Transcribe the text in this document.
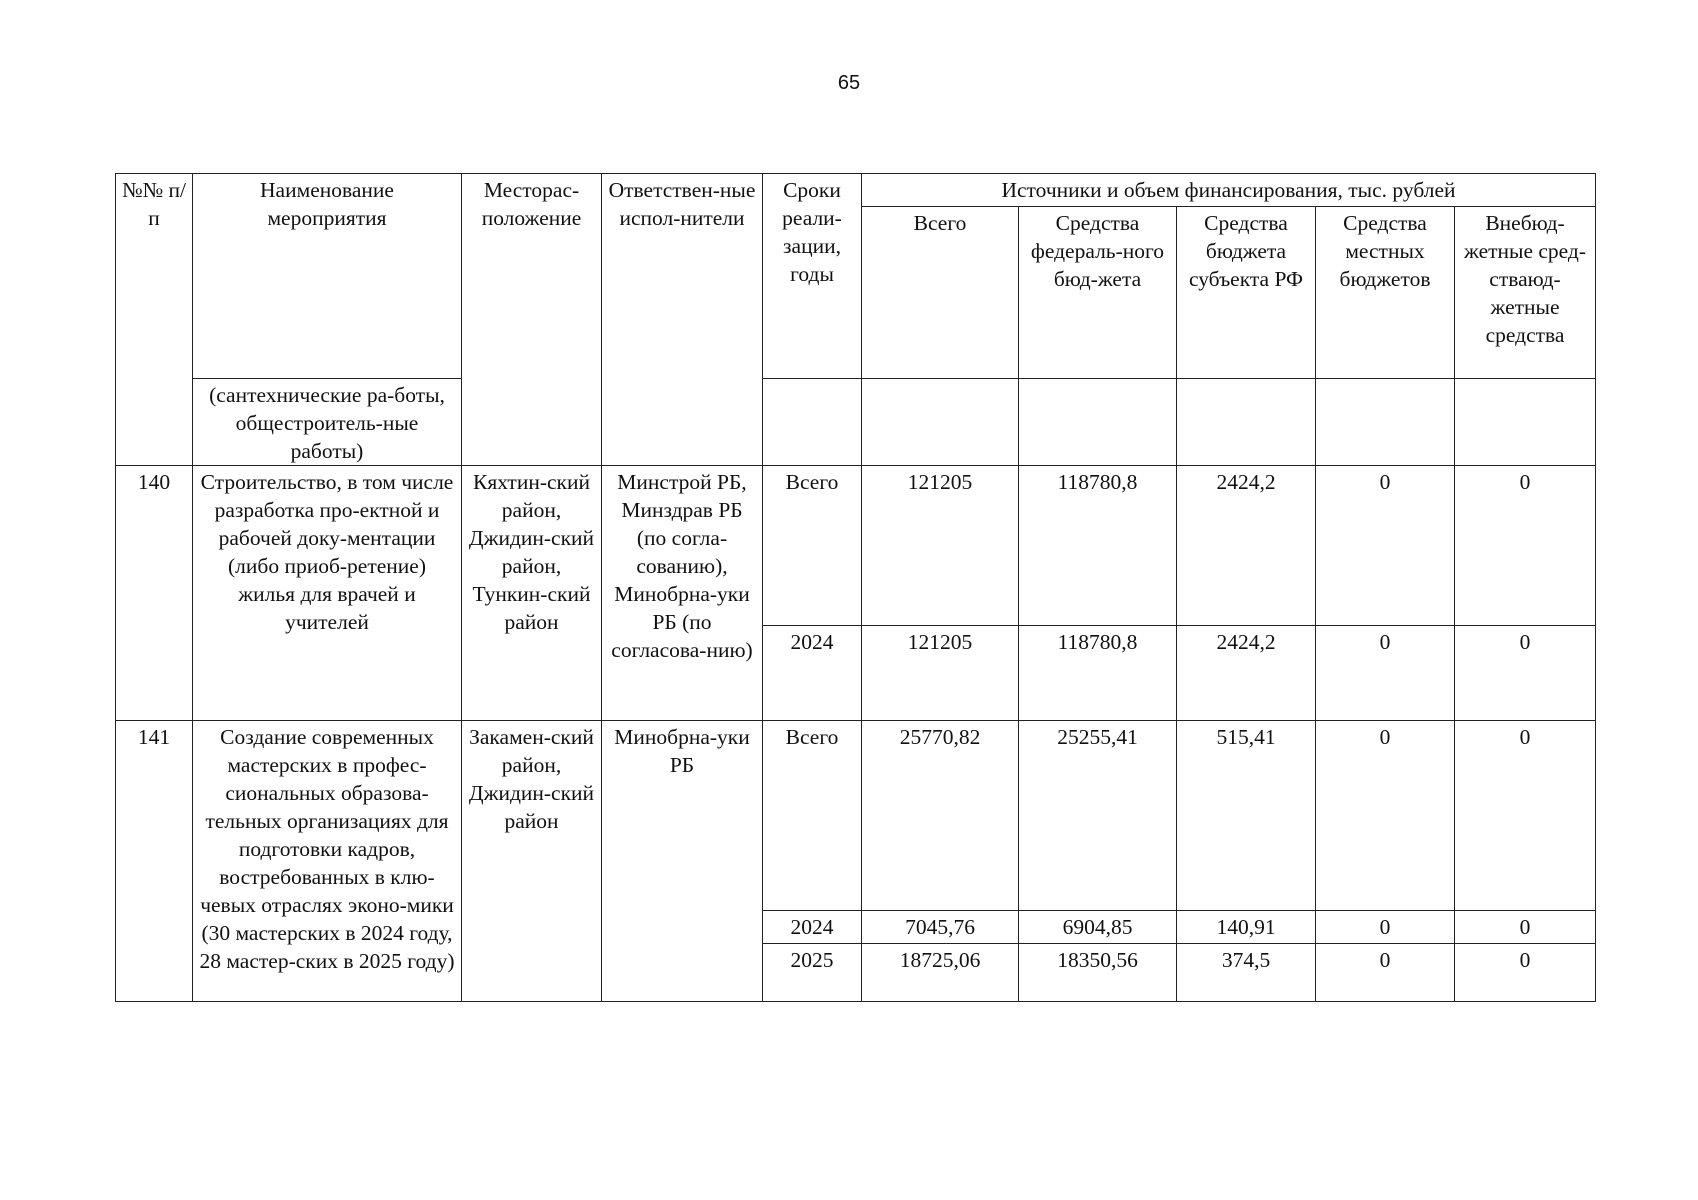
65
№№ п/п	Наименование мероприятия	Месторас-положение	Ответствен-ные испол-нители	Сроки реали-зации, годы	Источники и объем финансирования, тыс. рублей				

					Всего	Средства федераль-ного бюд-жета	Средства бюджета субъекта РФ	Средства местных бюджетов	Внебюд-жетные сред-стваюд-жетные средства

	(сантехнические ра-боты, общестроитель-ные работы)								

140	Строительство, в том числе разработка про-ектной и рабочей доку-ментации (либо приоб-ретение) жилья для врачей и учителей	Кяхтин-ский район, Джидин-ский район, Тункин-ский район	Минстрой РБ, Минздрав РБ (по согла-сованию), Минобрна-уки РБ (по согласова-нию)	Всего	121205	118780,8	2424,2	0	0

				2024	121205	118780,8	2424,2	0	0

141	Создание современных мастерских в профес-сиональных образова-тельных организациях для подготовки кадров, востребованных в клю-чевых отраслях эконо-мики (30 мастерских в 2024 году, 28 мастер-ских в 2025 году)	Закамен-ский район, Джидин-ский район	Минобрна-уки РБ	Всего	25770,82	25255,41	515,41	0	0

				2024	7045,76	6904,85	140,91	0	0

				2025	18725,06	18350,56	374,5	0	0
